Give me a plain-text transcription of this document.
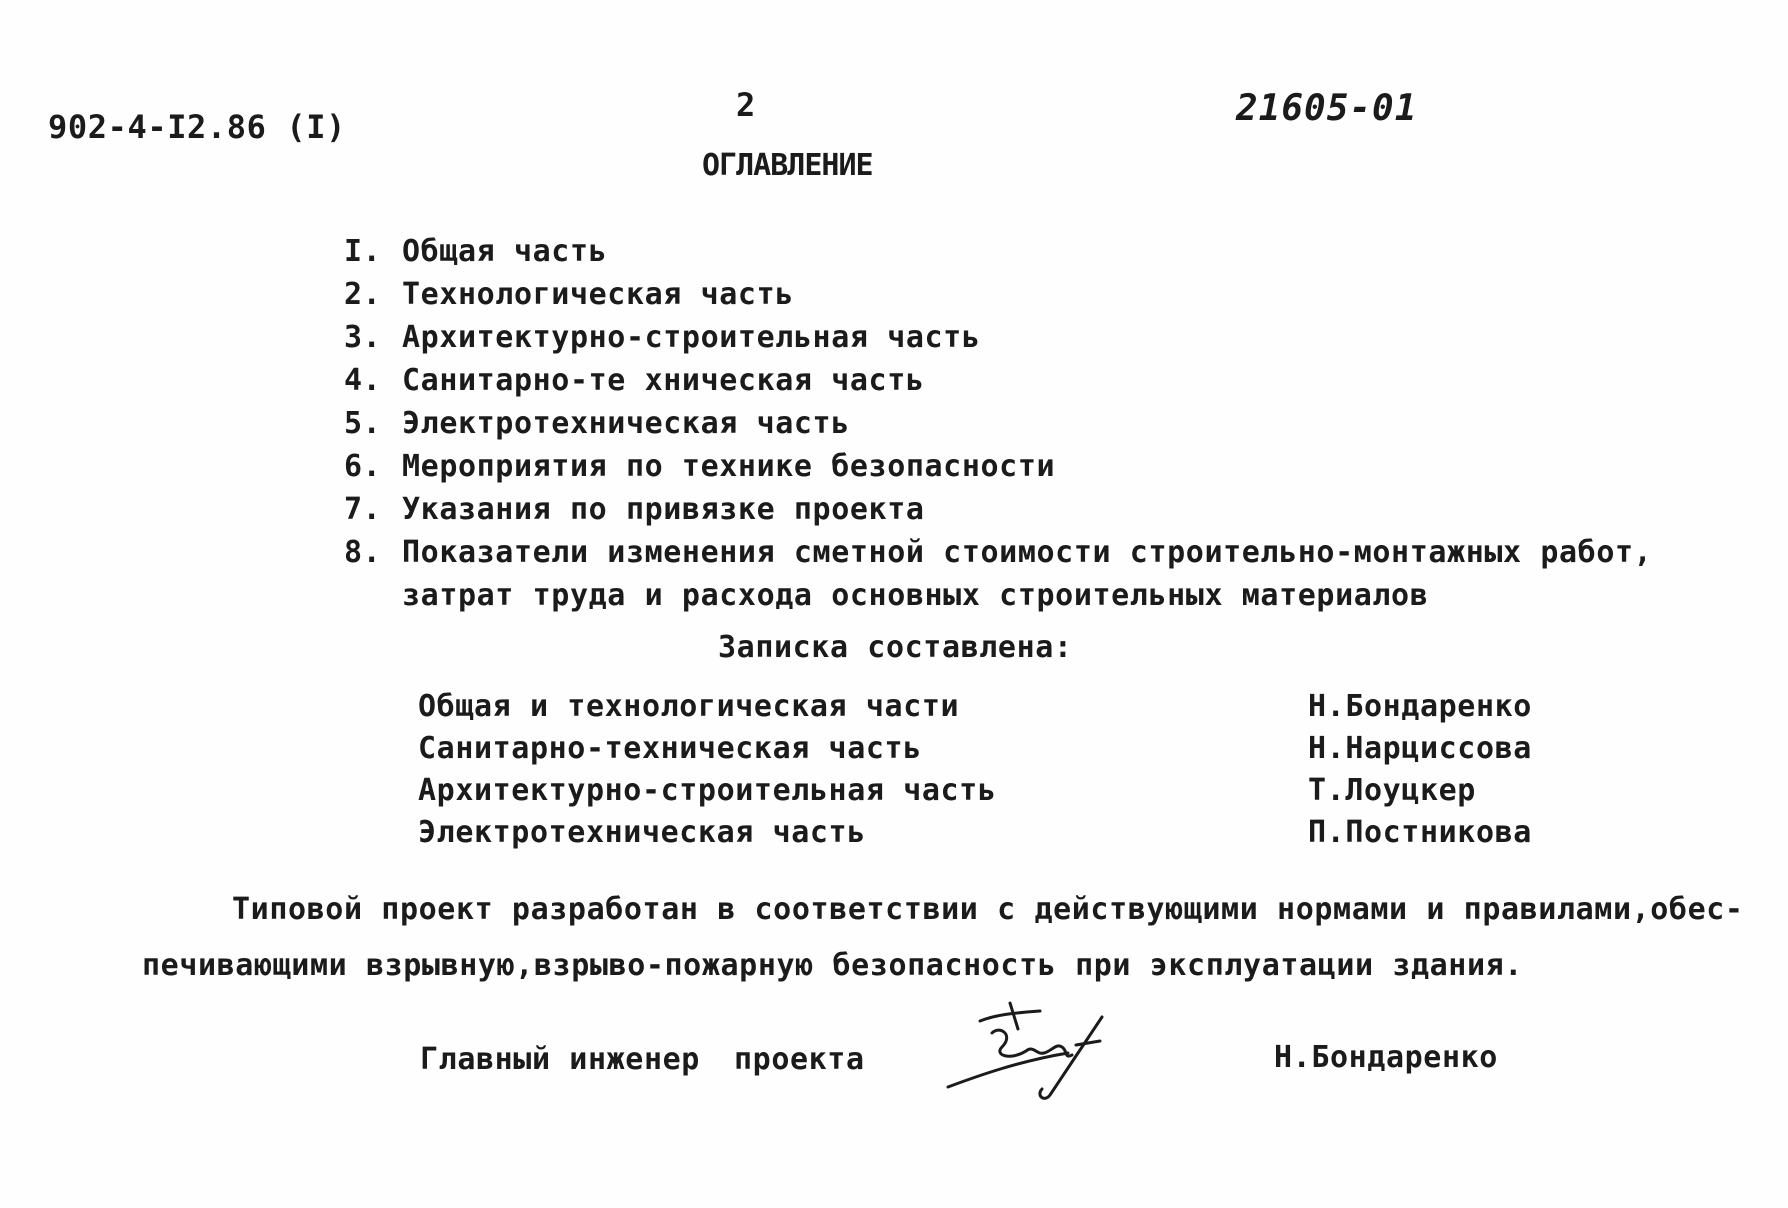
902-4-I2.86 (I)
2	21605-01
ОГЛАВЛЕНИЕ
I. Общая часть
2. Технологическая часть
3. Архитектурно-строительная часть
4. Санитарно-те хническая часть
5. Электротехническая часть
6. Мероприятия по технике безопасности
7. Указания по привязке проекта
8. Показатели изменения сметной стоимости строительно-монтажных работ,
затрат труда и расхода основных строительных материалов
Записка составлена:
Общая и технологическая части	Н.Бондаренко
Санитарно-техническая часть	Н.Нарциссова
Архитектурно-строительная часть	Т.Лоуцкер
Электротехническая часть	П.Постникова
Типовой проект разработан в соответствии с действующими нормами и правилами,обес-
печивающими взрывную,взрыво-пожарную безопасность при эксплуатации здания.
Главный инженер проекта	Н.Бондаренко
